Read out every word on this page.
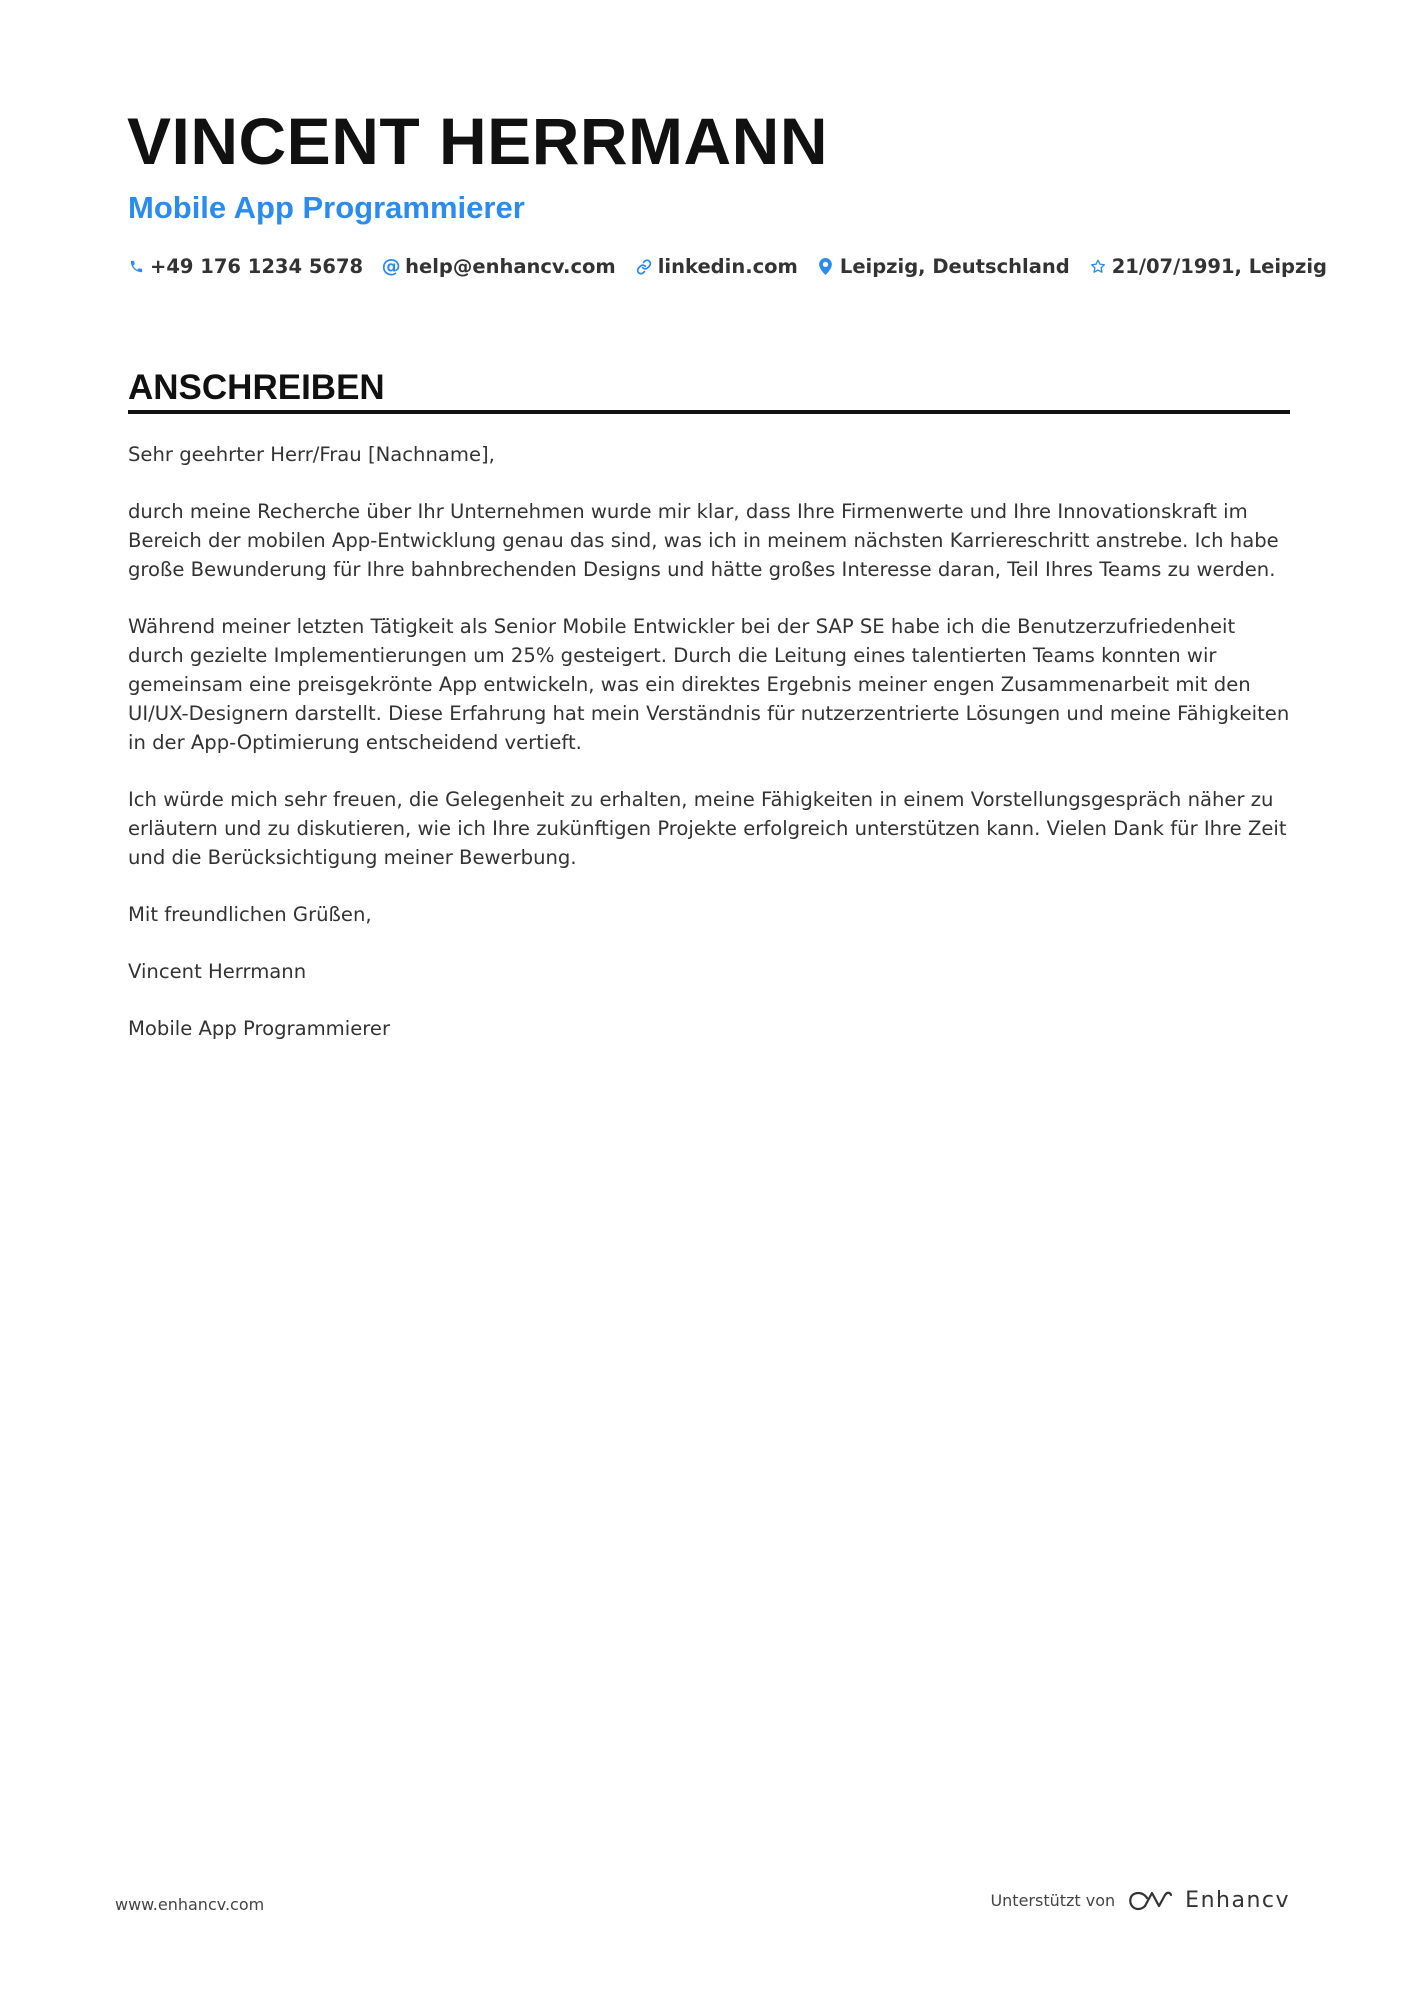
VINCENT HERRMANN
Mobile App Programmierer
+49 176 1234 5678 @ help@enhancv.com linkedin.com Leipzig, Deutschland 21/07/1991, Leipzig
ANSCHREIBEN

Sehr geehrter Herr/Frau [Nachname],

durch meine Recherche über Ihr Unternehmen wurde mir klar, dass Ihre Firmenwerte und Ihre Innovationskraft im Bereich der mobilen App-Entwicklung genau das sind, was ich in meinem nächsten Karriereschritt anstrebe. Ich habe große Bewunderung für Ihre bahnbrechenden Designs und hätte großes Interesse daran, Teil Ihres Teams zu werden.

Während meiner letzten Tätigkeit als Senior Mobile Entwickler bei der SAP SE habe ich die Benutzerzufriedenheit durch gezielte Implementierungen um 25% gesteigert. Durch die Leitung eines talentierten Teams konnten wir gemeinsam eine preisgekrönte App entwickeln, was ein direktes Ergebnis meiner engen Zusammenarbeit mit den UI/UX-Designern darstellt. Diese Erfahrung hat mein Verständnis für nutzerzentrierte Lösungen und meine Fähigkeiten in der App-Optimierung entscheidend vertieft.

Ich würde mich sehr freuen, die Gelegenheit zu erhalten, meine Fähigkeiten in einem Vorstellungsgespräch näher zu erläutern und zu diskutieren, wie ich Ihre zukünftigen Projekte erfolgreich unterstützen kann. Vielen Dank für Ihre Zeit und die Berücksichtigung meiner Bewerbung.

Mit freundlichen Grüßen,

Vincent Herrmann

Mobile App Programmierer

www.enhancv.com	Unterstützt von	Enhancv
